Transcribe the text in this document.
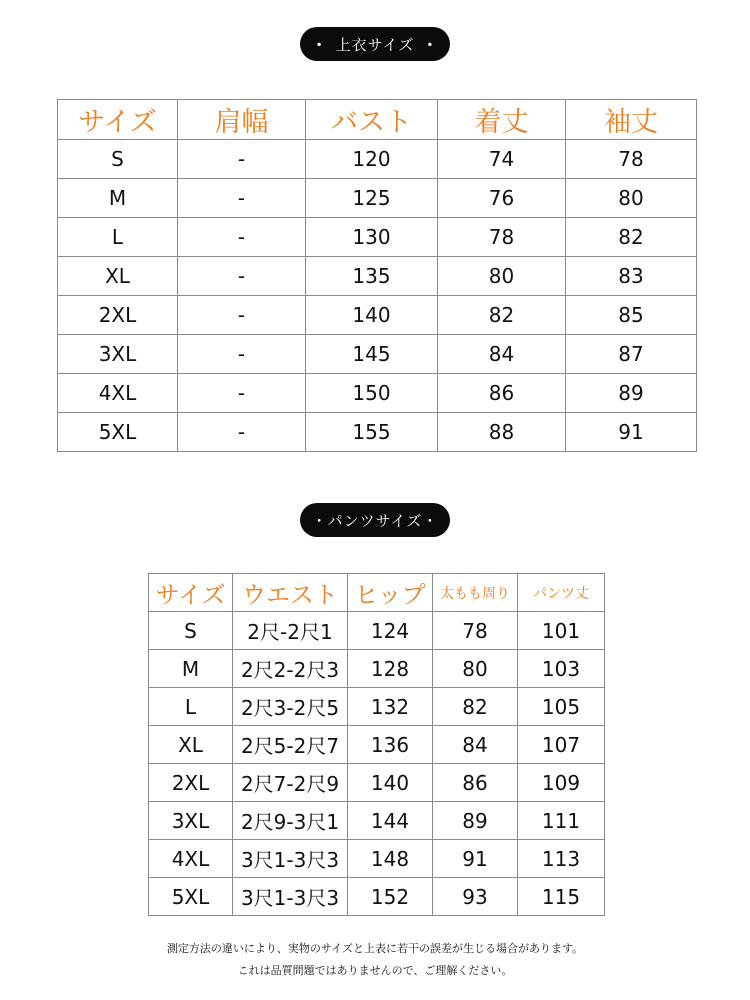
・ 上衣サイズ ・
サイズ	肩幅	バスト	着丈	袖丈
S	-	120	74	78
M	-	125	76	80
L	-	130	78	82
XL	-	135	80	83
2XL	-	140	82	85
3XL	-	145	84	87
4XL	-	150	86	89
5XL	-	155	88	91
・パンツサイズ・
サイズ	ウエスト	ヒップ	太もも周り	パンツ丈
S	2尺-2尺1	124	78	101
M	2尺2-2尺3	128	80	103
L	2尺3-2尺5	132	82	105
XL	2尺5-2尺7	136	84	107
2XL	2尺7-2尺9	140	86	109
3XL	2尺9-3尺1	144	89	111
4XL	3尺1-3尺3	148	91	113
5XL	3尺1-3尺3	152	93	115
測定方法の違いにより、実物のサイズと上表に若干の誤差が生じる場合があります。
これは品質問題ではありませんので、ご理解ください。
